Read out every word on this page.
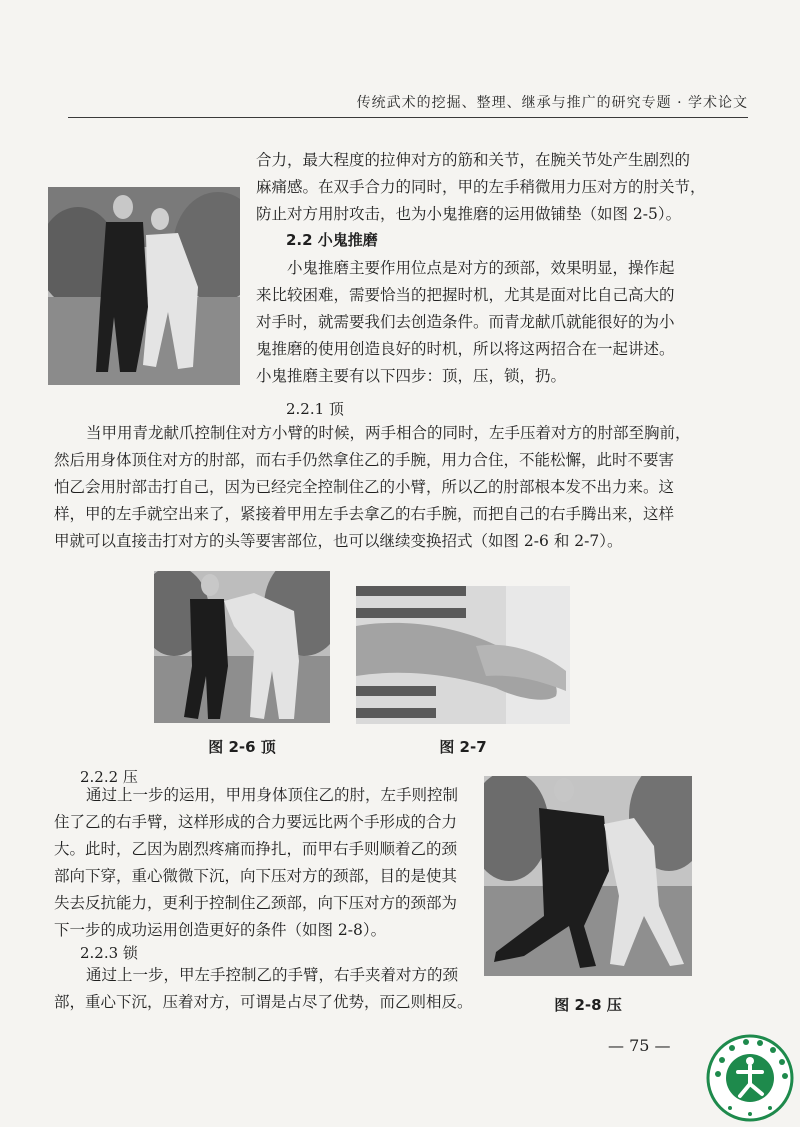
传统武术的挖掘、整理、继承与推广的研究专题 · 学术论文
合力，最大程度的拉伸对方的筋和关节，在腕关节处产生剧烈的
麻痛感。在双手合力的同时，甲的左手稍微用力压对方的肘关节，
防止对方用肘攻击，也为小鬼推磨的运用做铺垫（如图 2-5）。
2.2 小鬼推磨
小鬼推磨主要作用位点是对方的颈部，效果明显，操作起
来比较困难，需要恰当的把握时机，尤其是面对比自己高大的
对手时，就需要我们去创造条件。而青龙献爪就能很好的为小
鬼推磨的使用创造良好的时机，所以将这两招合在一起讲述。
小鬼推磨主要有以下四步：顶，压，锁，扔。
2.2.1 顶
当甲用青龙献爪控制住对方小臂的时候，两手相合的同时，左手压着对方的肘部至胸前，
然后用身体顶住对方的肘部，而右手仍然拿住乙的手腕，用力合住，不能松懈，此时不要害
怕乙会用肘部击打自己，因为已经完全控制住乙的小臂，所以乙的肘部根本发不出力来。这
样，甲的左手就空出来了，紧接着甲用左手去拿乙的右手腕，而把自己的右手腾出来，这样
甲就可以直接击打对方的头等要害部位，也可以继续变换招式（如图 2-6 和 2-7）。
图 2-6 顶	图 2-7
2.2.2 压
通过上一步的运用，甲用身体顶住乙的肘，左手则控制
住了乙的右手臂，这样形成的合力要远比两个手形成的合力
大。此时，乙因为剧烈疼痛而挣扎，而甲右手则顺着乙的颈
部向下穿，重心微微下沉，向下压对方的颈部，目的是使其
失去反抗能力，更利于控制住乙颈部，向下压对方的颈部为
下一步的成功运用创造更好的条件（如图 2-8）。
图 2-8 压
2.2.3 锁
通过上一步，甲左手控制乙的手臂，右手夹着对方的颈
部，重心下沉，压着对方，可谓是占尽了优势，而乙则相反。
— 75 —
